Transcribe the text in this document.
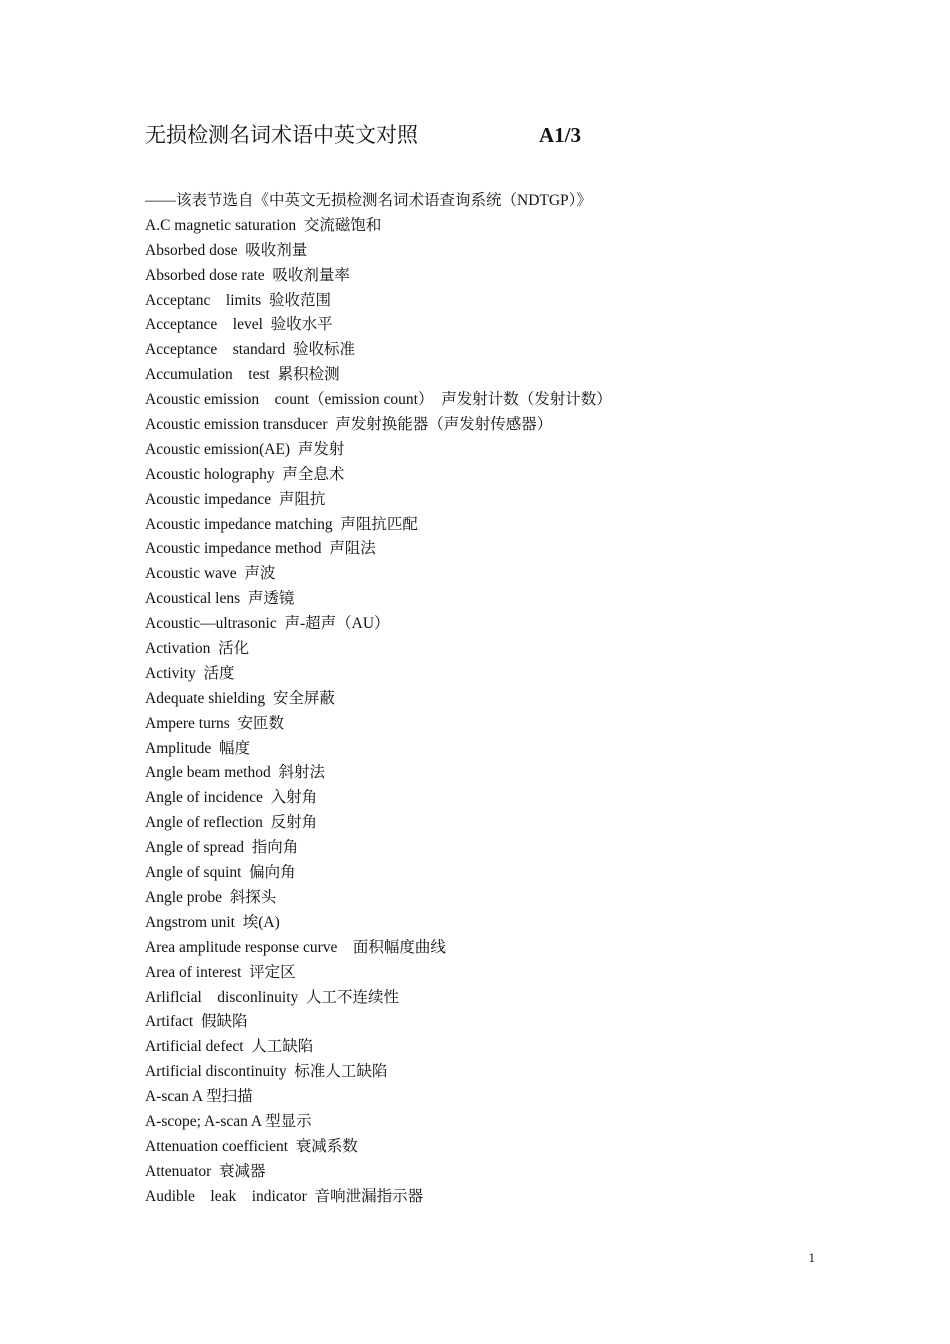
无损检测名词术语中英文对照	A1/3
——该表节选自《中英文无损检测名词术语查询系统（NDTGP）》
A.C magnetic saturation  交流磁饱和
Absorbed dose  吸收剂量
Absorbed dose rate  吸收剂量率
Acceptanc    limits  验收范围
Acceptance    level  验收水平
Acceptance    standard  验收标准
Accumulation    test  累积检测
Acoustic emission    count（emission count）  声发射计数（发射计数）
Acoustic emission transducer  声发射换能器（声发射传感器）
Acoustic emission(AE)  声发射
Acoustic holography  声全息术
Acoustic impedance  声阻抗
Acoustic impedance matching  声阻抗匹配
Acoustic impedance method  声阻法
Acoustic wave  声波
Acoustical lens  声透镜
Acoustic—ultrasonic  声-超声（AU）
Activation  活化
Activity  活度
Adequate shielding  安全屏蔽
Ampere turns  安匝数
Amplitude  幅度
Angle beam method  斜射法
Angle of incidence  入射角
Angle of reflection  反射角
Angle of spread  指向角
Angle of squint  偏向角
Angle probe  斜探头
Angstrom unit  埃(A)
Area amplitude response curve    面积幅度曲线
Area of interest  评定区
Arliflcial    disconlinuity  人工不连续性
Artifact  假缺陷
Artificial defect  人工缺陷
Artificial discontinuity  标准人工缺陷
A-scan A 型扫描
A-scope; A-scan A 型显示
Attenuation coefficient  衰减系数
Attenuator  衰减器
Audible    leak    indicator  音响泄漏指示器
1
